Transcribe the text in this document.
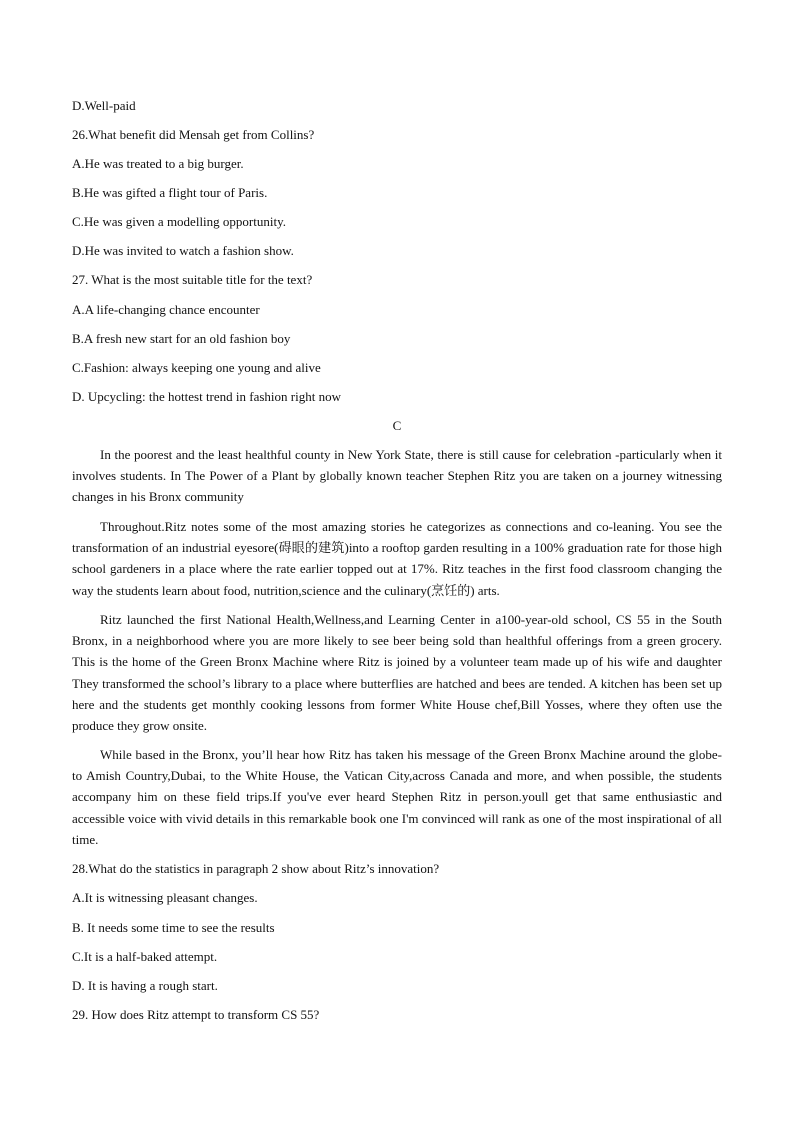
D.Well-paid
26.What benefit did Mensah get from Collins?
A.He was treated to a big burger.
B.He was gifted a flight tour of Paris.
C.He was given a modelling opportunity.
D.He was invited to watch a fashion show.
27. What is the most suitable title for the text?
A.A life-changing chance encounter
B.A fresh new start for an old fashion boy
C.Fashion: always keeping one young and alive
D. Upcycling: the hottest trend in fashion right now
C
In the poorest and the least healthful county in New York State, there is still cause for celebration -particularly when it involves students. In The Power of a Plant by globally known teacher Stephen Ritz you are taken on a journey witnessing changes in his Bronx community
Throughout.Ritz notes some of the most amazing stories he categorizes as connections and co-leaning. You see the transformation of an industrial eyesore(碍眼的建筑)into a rooftop garden resulting in a 100% graduation rate for those high school gardeners in a place where the rate earlier topped out at 17%. Ritz teaches in the first food classroom changing the way the students learn about food, nutrition,science and the culinary(烹饪的) arts.
Ritz launched the first National Health,Wellness,and Learning Center in a100-year-old school, CS 55 in the South Bronx, in a neighborhood where you are more likely to see beer being sold than healthful offerings from a green grocery. This is the home of the Green Bronx Machine where Ritz is joined by a volunteer team made up of his wife and daughter They transformed the school’s library to a place where butterflies are hatched and bees are tended. A kitchen has been set up here and the students get monthly cooking lessons from former White House chef,Bill Yosses, where they often use the produce they grow onsite.
While based in the Bronx, you’ll hear how Ritz has taken his message of the Green Bronx Machine around the globe-to Amish Country,Dubai, to the White House, the Vatican City,across Canada and more, and when possible, the students accompany him on these field trips.If you've ever heard Stephen Ritz in person.youll get that same enthusiastic and accessible voice with vivid details in this remarkable book one I'm convinced will rank as one of the most inspirational of all time.
28.What do the statistics in paragraph 2 show about Ritz’s innovation?
A.It is witnessing pleasant changes.
B. It needs some time to see the results
C.It is a half-baked attempt.
D. It is having a rough start.
29. How does Ritz attempt to transform CS 55?
